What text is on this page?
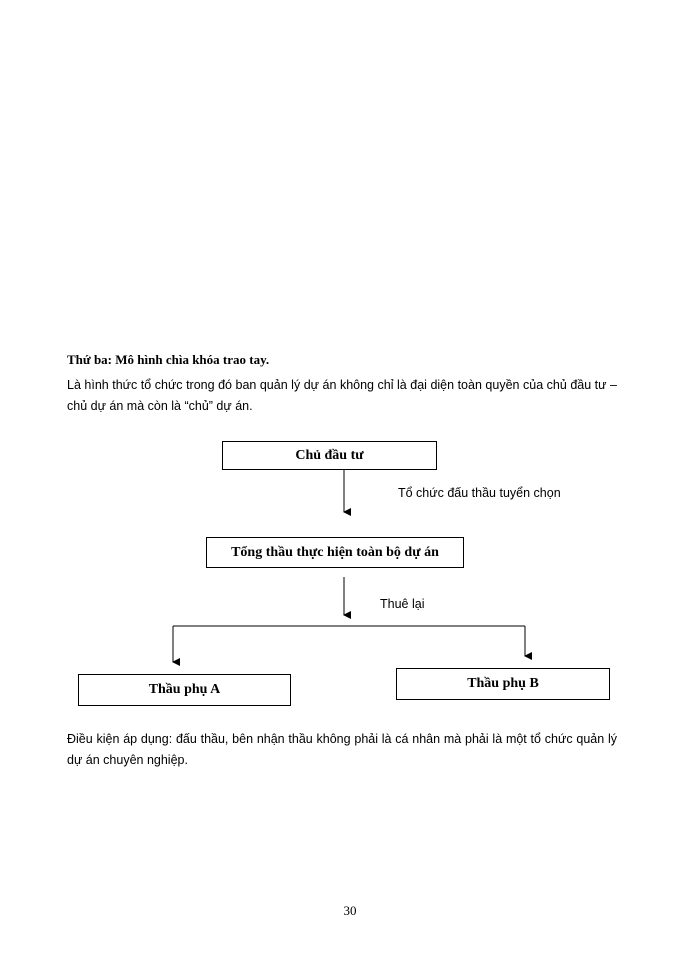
Thứ ba: Mô hình chìa khóa trao tay.

Là hình thức tổ chức trong đó ban quản lý dự án không chỉ là đại diện toàn quyền của chủ đầu tư – chủ dự án mà còn là “chủ” dự án.

Chủ đầu tư
Tổ chức đấu thầu tuyển chọn
Tổng thầu thực hiện toàn bộ dự án
Thuê lại
Thầu phụ A	Thầu phụ B

Điều kiện áp dụng: đấu thầu, bên nhận thầu không phải là cá nhân mà phải là một tổ chức quản lý dự án chuyên nghiệp.

30
